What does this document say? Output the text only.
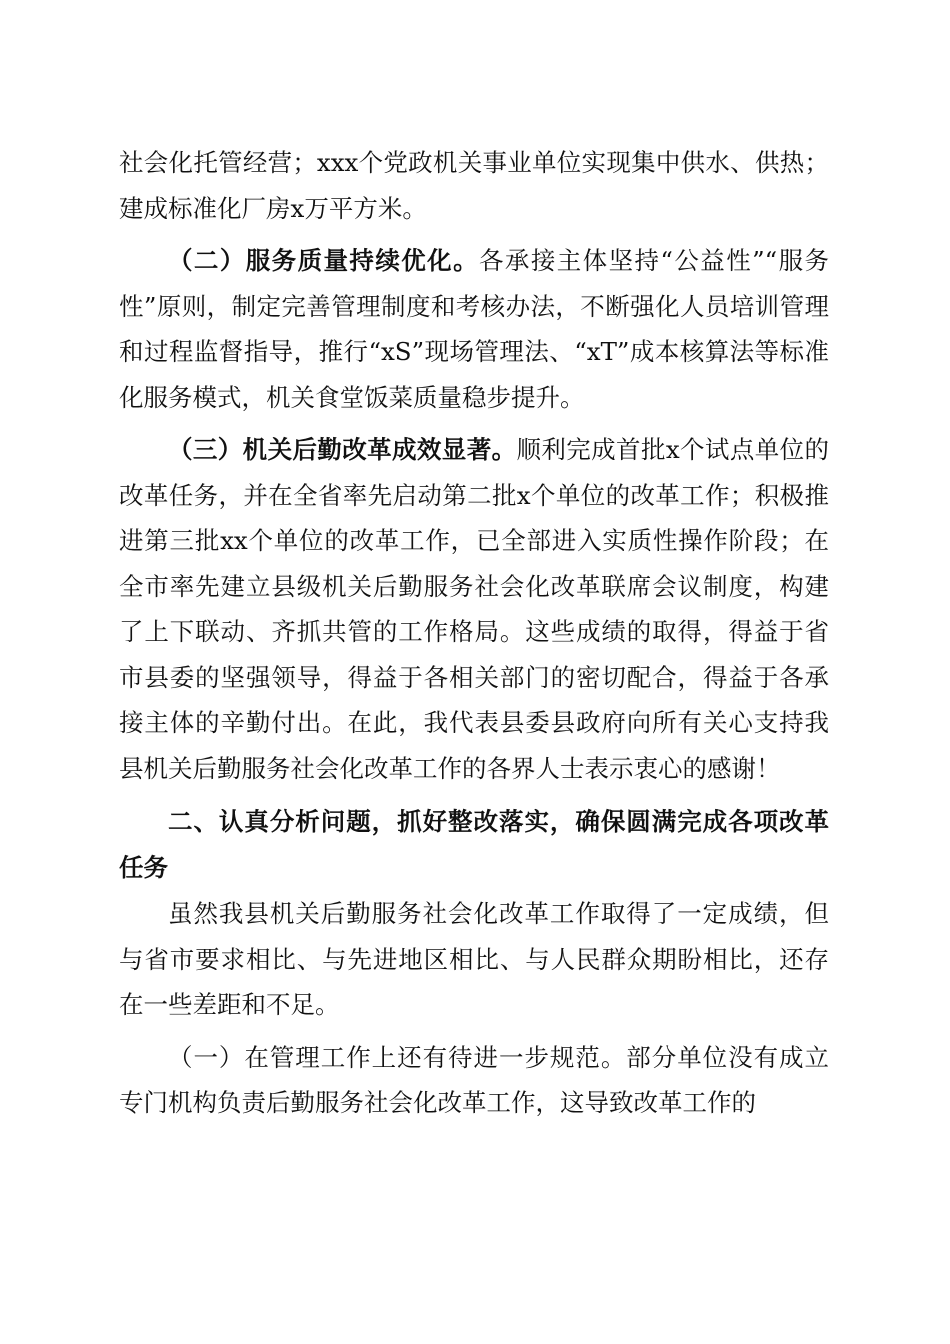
社会化托管经营；xxx个党政机关事业单位实现集中供水、供热；建成标准化厂房x万平方米。

（二）服务质量持续优化。各承接主体坚持“公益性”“服务性”原则，制定完善管理制度和考核办法，不断强化人员培训管理和过程监督指导，推行“xS”现场管理法、“xT”成本核算法等标准化服务模式，机关食堂饭菜质量稳步提升。

（三）机关后勤改革成效显著。顺利完成首批x个试点单位的改革任务，并在全省率先启动第二批x个单位的改革工作；积极推进第三批xx个单位的改革工作，已全部进入实质性操作阶段；在全市率先建立县级机关后勤服务社会化改革联席会议制度，构建了上下联动、齐抓共管的工作格局。这些成绩的取得，得益于省市县委的坚强领导，得益于各相关部门的密切配合，得益于各承接主体的辛勤付出。在此，我代表县委县政府向所有关心支持我县机关后勤服务社会化改革工作的各界人士表示衷心的感谢！

二、认真分析问题，抓好整改落实，确保圆满完成各项改革任务

虽然我县机关后勤服务社会化改革工作取得了一定成绩，但与省市要求相比、与先进地区相比、与人民群众期盼相比，还存在一些差距和不足。

（一）在管理工作上还有待进一步规范。部分单位没有成立专门机构负责后勤服务社会化改革工作，这导致改革工作的
